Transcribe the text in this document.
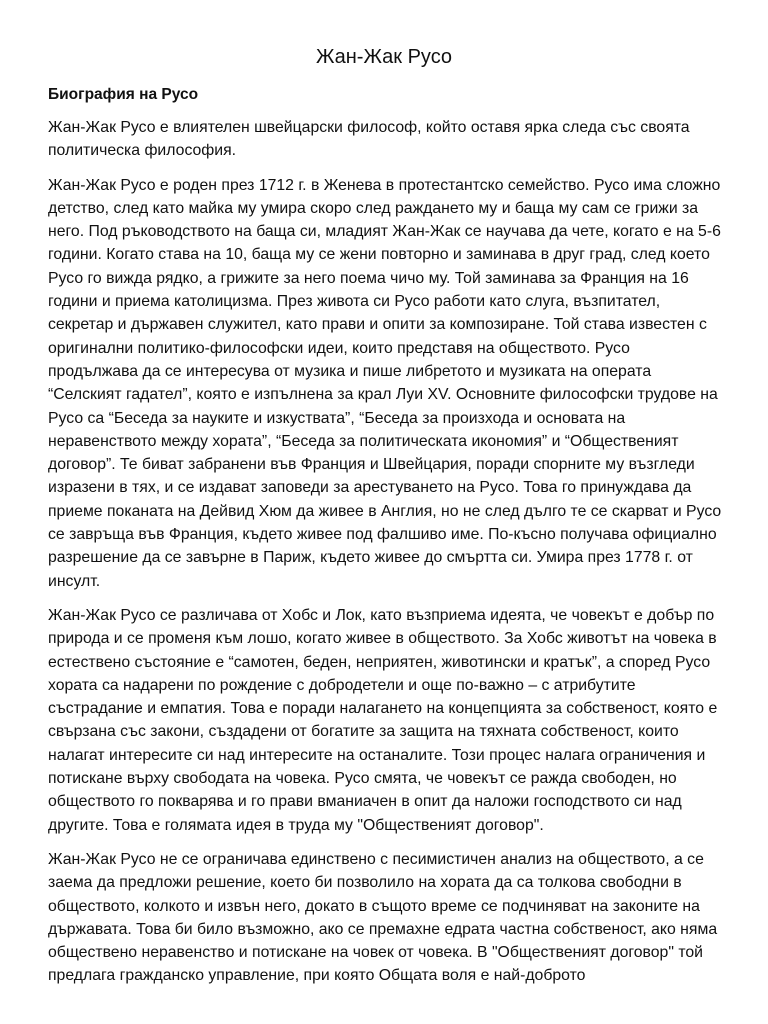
Жан-Жак Русо
Биография на Русо

Жан-Жак Русо е влиятелен швейцарски философ, който оставя ярка следа със своята политическа философия.

Жан-Жак Русо е роден през 1712 г. в Женева в протестантско семейство. Русо има сложно детство, след като майка му умира скоро след раждането му и баща му сам се грижи за него. Под ръководството на баща си, младият Жан-Жак се научава да чете, когато е на 5-6 години. Когато става на 10, баща му се жени повторно и заминава в друг град, след което Русо го вижда рядко, а грижите за него поема чичо му. Той заминава за Франция на 16 години и приема католицизма. През живота си Русо работи като слуга, възпитател, секретар и държавен служител, като прави и опити за композиране. Той става известен с оригинални политико-философски идеи, които представя на обществото. Русо продължава да се интересува от музика и пише либретото и музиката на операта “Селският гадател”, която е изпълнена за крал Луи XV. Основните философски трудове на Русо са “Беседа за науките и изкуствата”, “Беседа за произхода и основата на неравенството между хората”, “Беседа за политическата икономия” и “Общественият договор”. Те биват забранени във Франция и Швейцария, поради спорните му възгледи изразени в тях, и се издават заповеди за арестуването на Русо. Това го принуждава да приеме поканата на Дейвид Хюм да живее в Англия, но не след дълго те се скарват и Русо се завръща във Франция, където живее под фалшиво име. По-късно получава официално разрешение да се завърне в Париж, където живее до смъртта си. Умира през 1778 г. от инсулт.

Жан-Жак Русо се различава от Хобс и Лок, като възприема идеята, че човекът е добър по природа и се променя към лошо, когато живее в обществото. За Хобс животът на човека в естествено състояние е “самотен, беден, неприятен, животински и кратък”, а според Русо хората са надарени по рождение с добродетели и още по-важно – с атрибутите състрадание и емпатия. Това е поради налагането на концепцията за собственост, която е свързана със закони, създадени от богатите за защита на тяхната собственост, които налагат интересите си над интересите на останалите. Този процес налага ограничения и потискане върху свободата на човека. Русо смята, че човекът се ражда свободен, но обществото го покварява и го прави вманиачен в опит да наложи господството си над другите. Това е голямата идея в труда му "Общественият договор".

Жан-Жак Русо не се ограничава единствено с песимистичен анализ на обществото, а се заема да предложи решение, което би позволило на хората да са толкова свободни в обществото, колкото и извън него, докато в същото време се подчиняват на законите на държавата. Това би било възможно, ако се премахне едрата частна собственост, ако няма обществено неравенство и потискане на човек от човека. В "Общественият договор" той предлага гражданско управление, при която Общата воля е най-доброто
